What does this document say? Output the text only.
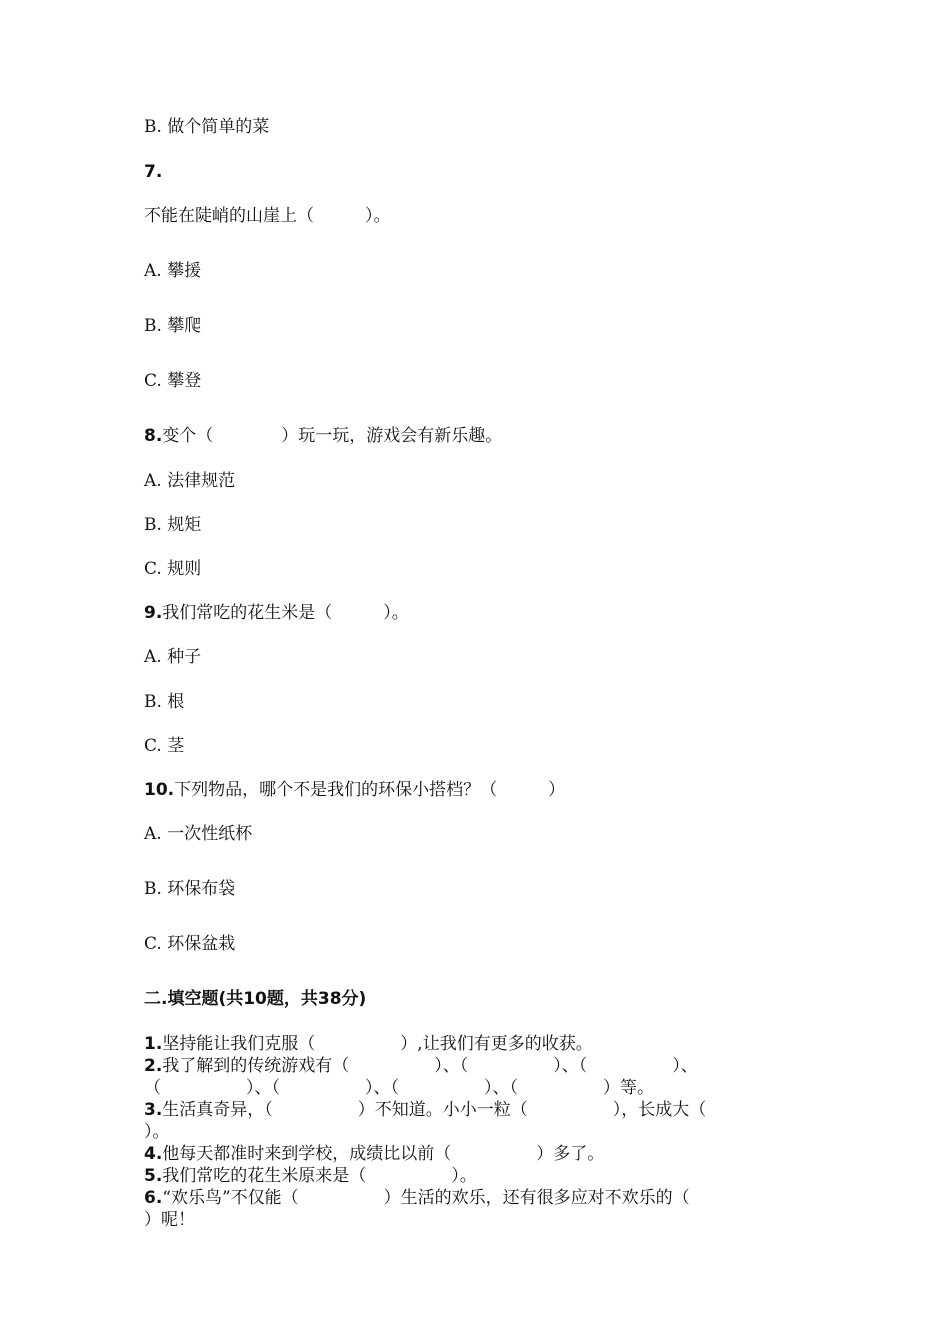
B. 做个简单的菜
7.
不能在陡峭的山崖上（　　　）。
A. 攀援
B. 攀爬
C. 攀登
8.变个（　　　　）玩一玩，游戏会有新乐趣。
A. 法律规范
B. 规矩
C. 规则
9.我们常吃的花生米是（　　　）。
A. 种子
B. 根
C. 茎
10.下列物品，哪个不是我们的环保小搭档？（　　　）
A. 一次性纸杯
B. 环保布袋
C. 环保盆栽
二.填空题(共10题，共38分)
1.坚持能让我们克服（　　　　　）,让我们有更多的收获。
2.我了解到的传统游戏有（　　　　　）、（　　　　　）、（　　　　　）、
（　　　　　）、（　　　　　）、（　　　　　）、（　　　　　）等。
3.生活真奇异，（　　　　　）不知道。小小一粒（　　　　　），长成大（
）。
4.他每天都准时来到学校，成绩比以前（　　　　　）多了。
5.我们常吃的花生米原来是（　　　　　）。
6.“欢乐鸟”不仅能（　　　　　）生活的欢乐，还有很多应对不欢乐的（
）呢！
